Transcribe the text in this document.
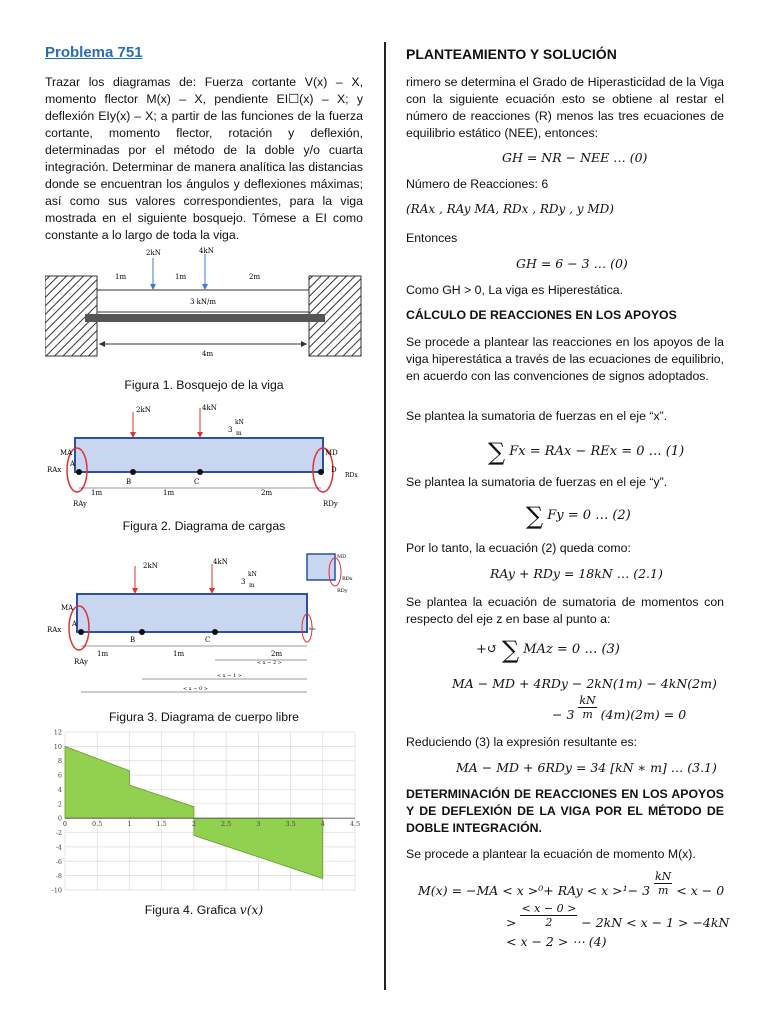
Problema 751

Trazar los diagramas de: Fuerza cortante V(x) – X, momento flector M(x) – X, pendiente EI☐(x) – X; y deflexión EIy(x) – X; a partir de las funciones de la fuerza cortante, momento flector, rotación y deflexión, determinadas por el método de la doble y/o cuarta integración. Determinar de manera analítica las distancias donde se encuentran los ángulos y deflexiones máximas; así como sus valores correspondientes, para la viga mostrada en el siguiente bosquejo. Tómese a EI como constante a lo largo de toda la viga.

2kN	4kN
1m	1m	2m
3 kN/m
4m
Figura 1. Bosquejo de la viga
2kN	4kN
3
kN
m
MA	MD
RAx
RDx
A
D
B	C
RAy	RDy
1m	1m	2m
Figura 2. Diagrama de cargas
MD
RDx
RDy
2kN	4kN
3
kN
m
Mo
MA
RAx
A
B	C
RAy
1m	1m	2m
< x − 2 >
< x − 1 >
< x − 0 >
Figura 3. Diagrama de cuerpo libre
-10
-8
-6
-4
-2
0
2
4
6
8
10
12
0	0.5	1	1.5	2	2.5	3	3.5	4	4.5
Figura 4. Grafica v(x)
PLANTEAMIENTO Y SOLUCIÓN

rimero se determina el Grado de Hiperasticidad de la Viga con la siguiente ecuación esto se obtiene al restar el número de reacciones (R) menos las tres ecuaciones de equilibrio estático (NEE), entonces:

GH = NR − NEE … (0)
Número de Reacciones: 6
(RAx , RAy MA, RDx , RDy , y MD)
Entonces
GH = 6 − 3 … (0)
Como GH > 0, La viga es Hiperestática.
CÁLCULO DE REACCIONES EN LOS APOYOS

Se procede a plantear las reacciones en los apoyos de la viga hiperestática a través de las ecuaciones de equilibrio, en acuerdo con las convenciones de signos adoptados.

Se plantea la sumatoria de fuerzas en el eje “x”.
∑ Fx = RAx − REx = 0 … (1)
Se plantea la sumatoria de fuerzas en el eje “y”.
∑ Fy = 0 … (2)
Por lo tanto, la ecuación (2) queda como:
RAy + RDy = 18kN … (2.1)

Se plantea la ecuación de sumatoria de momentos con respecto del eje z en base al punto a:

+↺ ∑ MAz = 0 … (3)
MA − MD + 4RDy − 2kN(1m) − 4kN(2m)
− $3 \frac{kN}{m} (4m)(2m) = 0$
Reduciendo (3) la expresión resultante es:
MA − MD + 6RDy = 34 [kN ∗ m] … (3.1)
DETERMINACIÓN DE REACCIONES EN LOS APOYOS Y DE DEFLEXIÓN DE LA VIGA POR EL MÉTODO DE DOBLE INTEGRACIÓN.
Se procede a plantear la ecuación de momento M(x).
M(x) = −MA < x >⁰+ RAy < $x >^1- 3 \frac{kN}{m} < x - 0$
> $\frac{< x - 0 >}{2} - 2kN < x - 1 > -4kN$
< x − 2 > ⋯ (4)
